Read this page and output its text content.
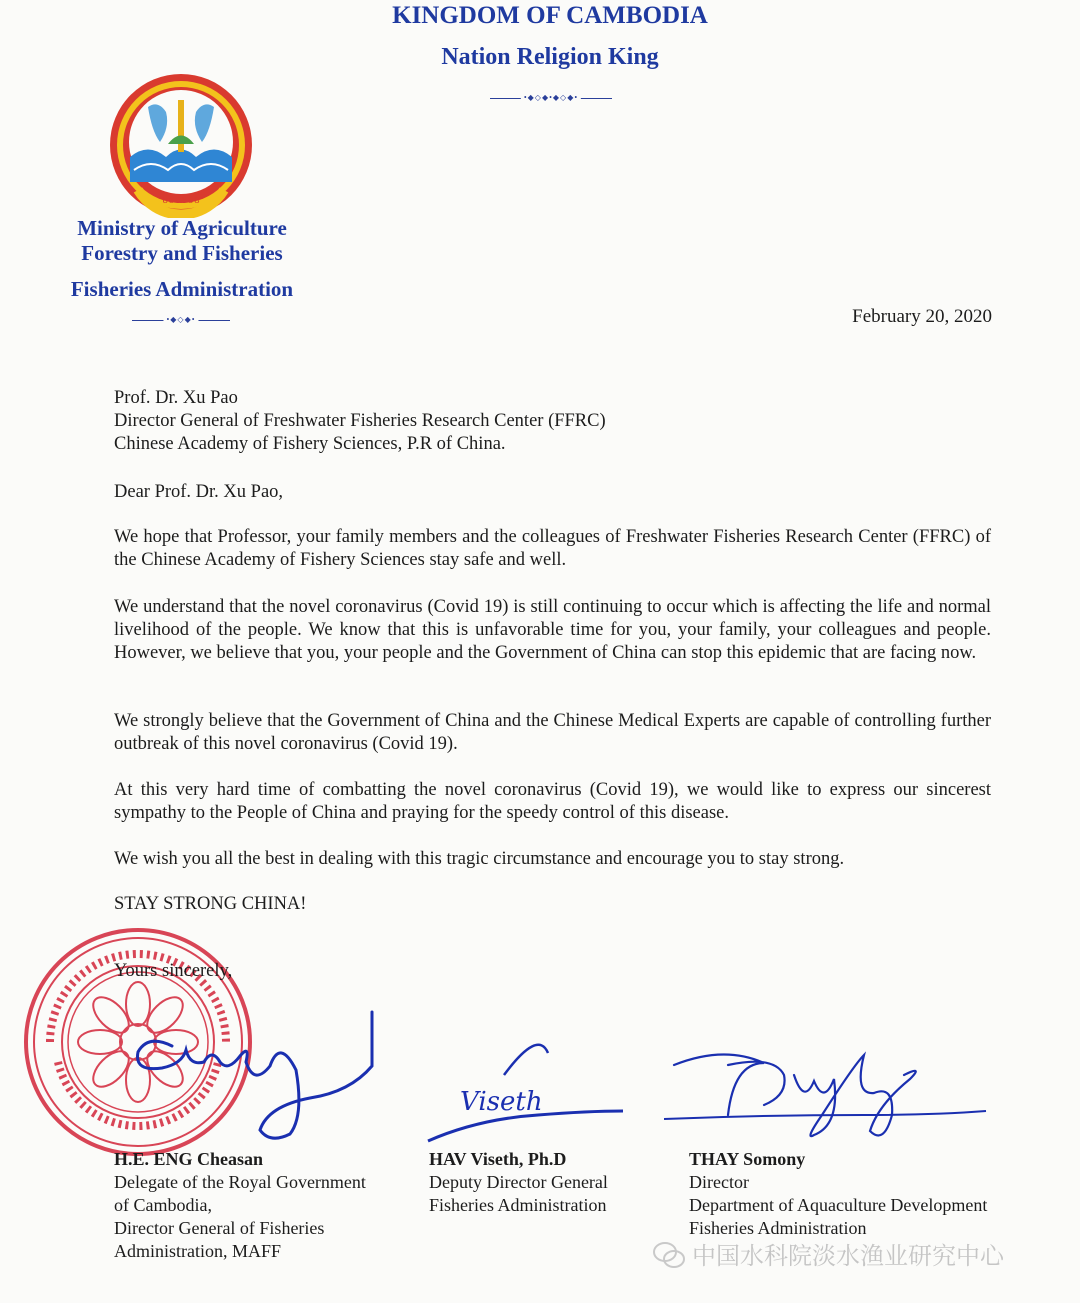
KINGDOM OF CAMBODIA
Nation Religion King
•◆◇◆•◆◇◆•
ខខខខខខ
Ministry of Agriculture
Forestry and Fisheries
Fisheries Administration
•◆◇◆•	February 20, 2020
Prof. Dr. Xu Pao
Director General of Freshwater Fisheries Research Center (FFRC)
Chinese Academy of Fishery Sciences, P.R of China.
Dear Prof. Dr. Xu Pao,
We hope that Professor, your family members and the colleagues of Freshwater Fisheries Research Center (FFRC) of the Chinese Academy of Fishery Sciences stay safe and well.
We understand that the novel coronavirus (Covid 19) is still continuing to occur which is affecting the life and normal livelihood of the people. We know that this is unfavorable time for you, your family, your colleagues and people. However, we believe that you, your people and the Government of China can stop this epidemic that are facing now.
We strongly believe that the Government of China and the Chinese Medical Experts are capable of controlling further outbreak of this novel coronavirus (Covid 19).
At this very hard time of combatting the novel coronavirus (Covid 19), we would like to express our sincerest sympathy to the People of China and praying for the speedy control of this disease.
We wish you all the best in dealing with this tragic circumstance and encourage you to stay strong.
STAY STRONG CHINA!
Yours sincerely,
Viseth
H.E. ENG Cheasan
Delegate of the Royal Government
of Cambodia,
Director General of Fisheries
Administration, MAFF
HAV Viseth, Ph.D
Deputy Director General
Fisheries Administration
THAY Somony
Director
Department of Aquaculture Development
Fisheries Administration
中国水科院淡水渔业研究中心
